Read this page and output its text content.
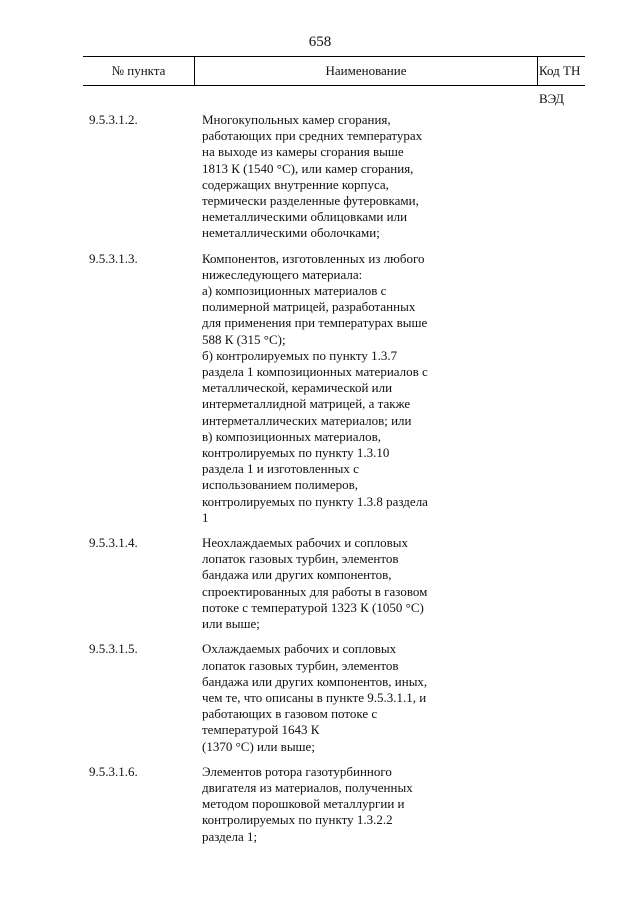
658
№ пункта	Наименование	Код ТН ВЭД
9.5.3.1.2.	Многокупольных камер сгорания,
работающих при средних температурах
на выходе из камеры сгорания выше
1813 К (1540 °С), или камер сгорания,
содержащих внутренние корпуса,
термически разделенные футеровками,
неметаллическими облицовками или
неметаллическими оболочками;
9.5.3.1.3.	Компонентов, изготовленных из любого
нижеследующего материала:
а) композиционных материалов с
полимерной матрицей, разработанных
для применения при температурах выше
588 К (315 °С);
б) контролируемых по пункту 1.3.7
раздела 1 композиционных материалов с
металлической, керамической или
интерметаллидной матрицей, а также
интерметаллических материалов; или
в) композиционных материалов,
контролируемых по пункту 1.3.10
раздела 1 и изготовленных с
использованием полимеров,
контролируемых по пункту 1.3.8 раздела
1
9.5.3.1.4.	Неохлаждаемых рабочих и сопловых
лопаток газовых турбин, элементов
бандажа или других компонентов,
спроектированных для работы в газовом
потоке с температурой 1323 К (1050 °С)
или выше;
9.5.3.1.5.	Охлаждаемых рабочих и сопловых
лопаток газовых турбин, элементов
бандажа или других компонентов, иных,
чем те, что описаны в пункте 9.5.3.1.1, и
работающих в газовом потоке с
температурой 1643 К
(1370 °С) или выше;
9.5.3.1.6.	Элементов ротора газотурбинного
двигателя из материалов, полученных
методом порошковой металлургии и
контролируемых по пункту 1.3.2.2
раздела 1;
